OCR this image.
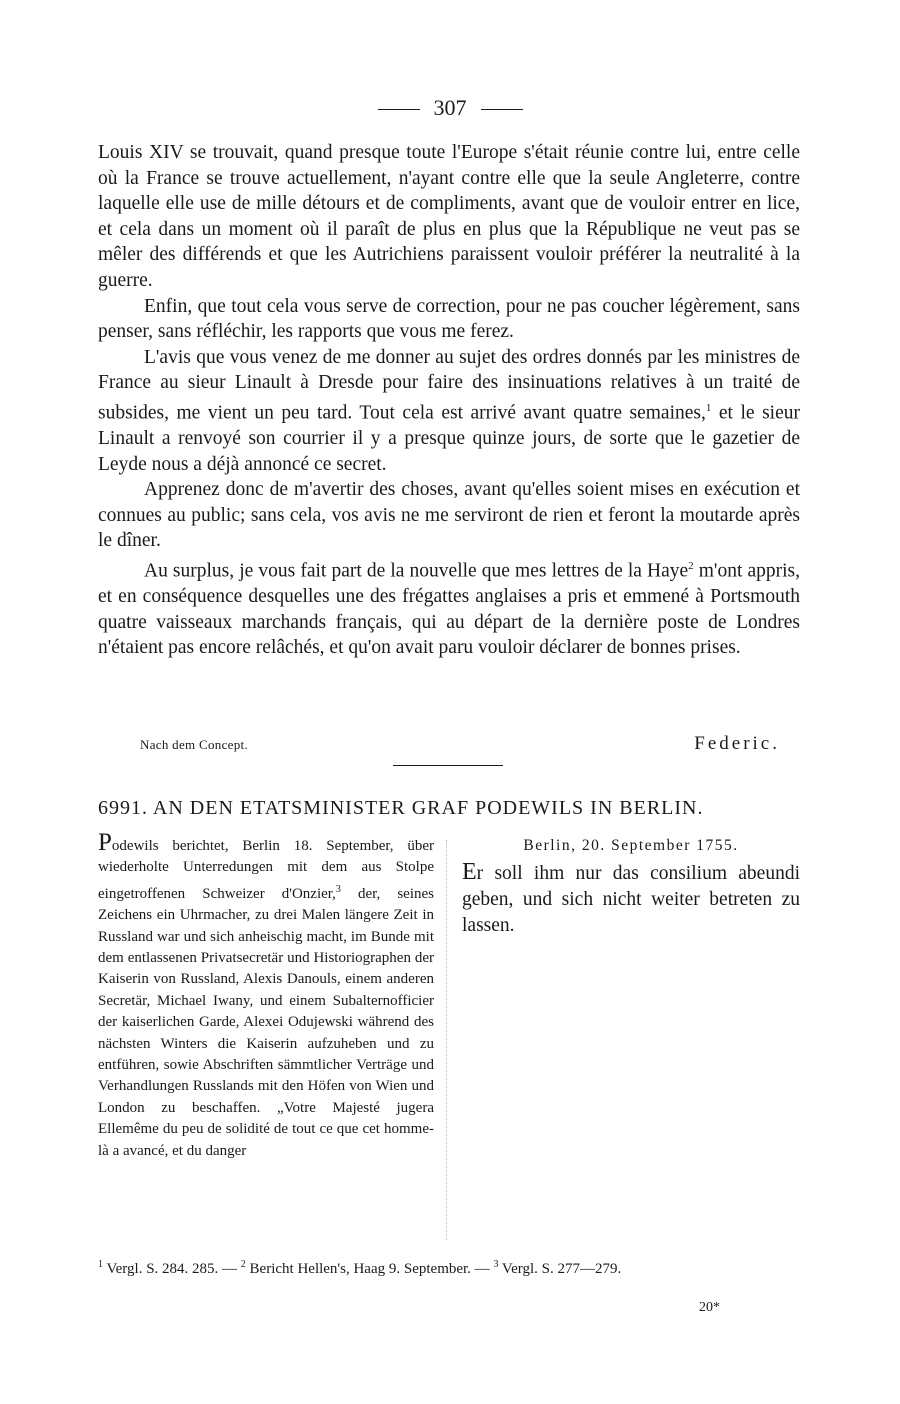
307

Louis XIV se trouvait, quand presque toute l'Europe s'était réunie contre lui, entre celle où la France se trouve actuellement, n'ayant contre elle que la seule Angleterre, contre laquelle elle use de mille détours et de compliments, avant que de vouloir entrer en lice, et cela dans un moment où il paraît de plus en plus que la République ne veut pas se mêler des différends et que les Autrichiens paraissent vouloir préférer la neutralité à la guerre.

Enfin, que tout cela vous serve de correction, pour ne pas coucher légèrement, sans penser, sans réfléchir, les rapports que vous me ferez.

L'avis que vous venez de me donner au sujet des ordres donnés par les ministres de France au sieur Linault à Dresde pour faire des insinuations relatives à un traité de subsides, me vient un peu tard. Tout cela est arrivé avant quatre semaines,$^1$ et le sieur Linault a renvoyé son courrier il y a presque quinze jours, de sorte que le gazetier de Leyde nous a déjà annoncé ce secret.

Apprenez donc de m'avertir des choses, avant qu'elles soient mises en exécution et connues au public; sans cela, vos avis ne me serviront de rien et feront la moutarde après le dîner.

Au surplus, je vous fait part de la nouvelle que mes lettres de la Haye$^2$ m'ont appris, et en conséquence desquelles une des frégattes anglaises a pris et emmené à Portsmouth quatre vaisseaux marchands français, qui au départ de la dernière poste de Londres n'étaient pas encore relâchés, et qu'on avait paru vouloir déclarer de bonnes prises.

Nach dem Concept.	Federic.
6991. AN DEN ETATSMINISTER GRAF PODEWILS IN BERLIN.
Podewils berichtet, Berlin 18. September, über wiederholte Unterredungen mit dem aus Stolpe eingetroffenen Schweizer d'Onzier,$^3$ der, seines Zeichens ein Uhrmacher, zu drei Malen längere Zeit in Russland war und sich anheischig macht, im Bunde mit dem entlassenen Privatsecretär und Historiographen der Kaiserin von Russland, Alexis Danouls, einem anderen Secretär, Michael Iwany, und einem Subalternofficier der kaiserlichen Garde, Alexei Odujewski während des nächsten Winters die Kaiserin aufzuheben und zu entführen, sowie Abschriften sämmtlicher Verträge und Verhandlungen Russlands mit den Höfen von Wien und London zu beschaffen. „Votre Majesté jugera Ellemême du peu de solidité de tout ce que cet homme-là a avancé, et du danger
Berlin, 20. September 1755.
Er soll ihm nur das consilium abeundi geben, und sich nicht weiter betreten zu lassen.
$^1$ Vergl. S. 284. 285. — $^2$ Bericht Hellen's, Haag 9. September. — $^3$ Vergl. S. 277—279.
20*
